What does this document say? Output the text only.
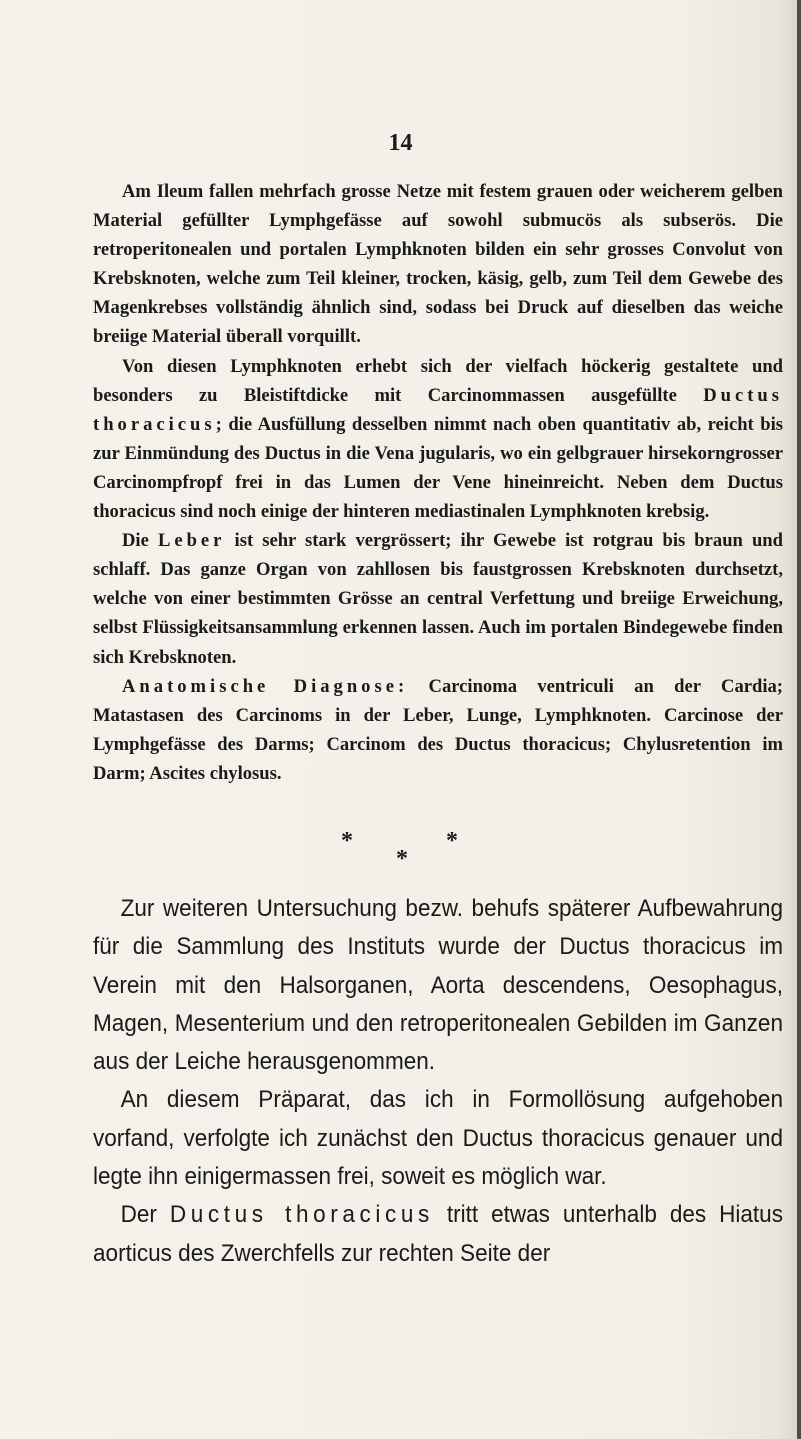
14

Am Ileum fallen mehrfach grosse Netze mit festem grauen oder weicherem gelben Material gefüllter Lymphgefässe auf sowohl submucös als subserös. Die retroperitonealen und portalen Lymphknoten bilden ein sehr grosses Convolut von Krebsknoten, welche zum Teil kleiner, trocken, käsig, gelb, zum Teil dem Gewebe des Magenkrebses vollständig ähnlich sind, sodass bei Druck auf dieselben das weiche breiige Material überall vorquillt.

Von diesen Lymphknoten erhebt sich der vielfach höckerig gestaltete und besonders zu Bleistiftdicke mit Carcinommassen ausgefüllte Ductus thoracicus; die Ausfüllung desselben nimmt nach oben quantitativ ab, reicht bis zur Einmündung des Ductus in die Vena jugularis, wo ein gelbgrauer hirsekorngrosser Carcinompfropf frei in das Lumen der Vene hineinreicht. Neben dem Ductus thoracicus sind noch einige der hinteren mediastinalen Lymphknoten krebsig.

Die Leber ist sehr stark vergrössert; ihr Gewebe ist rotgrau bis braun und schlaff. Das ganze Organ von zahllosen bis faustgrossen Krebsknoten durchsetzt, welche von einer bestimmten Grösse an central Verfettung und breiige Erweichung, selbst Flüssigkeitsansammlung erkennen lassen. Auch im portalen Bindegewebe finden sich Krebsknoten.

Anatomische Diagnose: Carcinoma ventriculi an der Cardia; Matastasen des Carcinoms in der Leber, Lunge, Lymphknoten. Carcinose der Lymphgefässe des Darms; Carcinom des Ductus thoracicus; Chylusretention im Darm; Ascites chylosus.

*	*
*

Zur weiteren Untersuchung bezw. behufs späterer Aufbewahrung für die Sammlung des Instituts wurde der Ductus thoracicus im Verein mit den Halsorganen, Aorta descendens, Oesophagus, Magen, Mesenterium und den retroperitonealen Gebilden im Ganzen aus der Leiche herausgenommen.

An diesem Präparat, das ich in Formollösung aufgehoben vorfand, verfolgte ich zunächst den Ductus thoracicus genauer und legte ihn einigermassen frei, soweit es möglich war.

Der Ductus thoracicus tritt etwas unterhalb des Hiatus aorticus des Zwerchfells zur rechten Seite der
